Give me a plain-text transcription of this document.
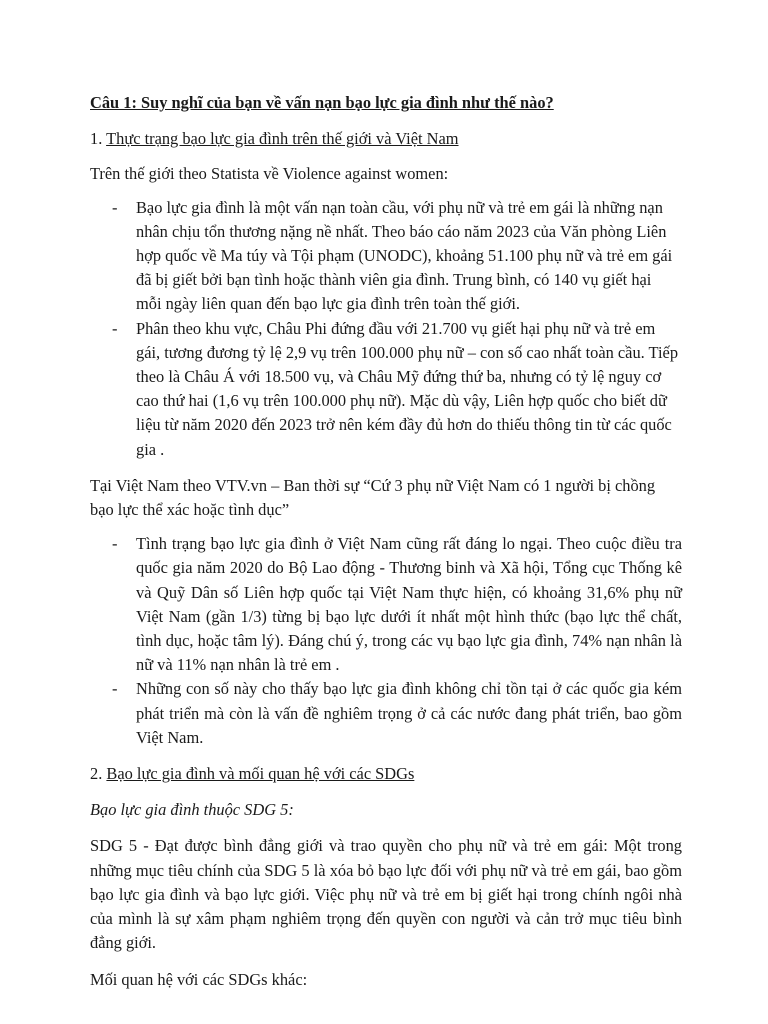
Câu 1: Suy nghĩ của bạn về vấn nạn bạo lực gia đình như thế nào?

1. Thực trạng bạo lực gia đình trên thế giới và Việt Nam

Trên thế giới theo Statista về Violence against women:

- Bạo lực gia đình là một vấn nạn toàn cầu, với phụ nữ và trẻ em gái là những nạn nhân chịu tổn thương nặng nề nhất. Theo báo cáo năm 2023 của Văn phòng Liên hợp quốc về Ma túy và Tội phạm (UNODC), khoảng 51.100 phụ nữ và trẻ em gái đã bị giết bởi bạn tình hoặc thành viên gia đình. Trung bình, có 140 vụ giết hại mỗi ngày liên quan đến bạo lực gia đình trên toàn thế giới.

- Phân theo khu vực, Châu Phi đứng đầu với 21.700 vụ giết hại phụ nữ và trẻ em gái, tương đương tỷ lệ 2,9 vụ trên 100.000 phụ nữ – con số cao nhất toàn cầu. Tiếp theo là Châu Á với 18.500 vụ, và Châu Mỹ đứng thứ ba, nhưng có tỷ lệ nguy cơ cao thứ hai (1,6 vụ trên 100.000 phụ nữ). Mặc dù vậy, Liên hợp quốc cho biết dữ liệu từ năm 2020 đến 2023 trở nên kém đầy đủ hơn do thiếu thông tin từ các quốc gia .

Tại Việt Nam theo VTV.vn – Ban thời sự “Cứ 3 phụ nữ Việt Nam có 1 người bị chồng bạo lực thể xác hoặc tình dục”

- Tình trạng bạo lực gia đình ở Việt Nam cũng rất đáng lo ngại. Theo cuộc điều tra quốc gia năm 2020 do Bộ Lao động - Thương binh và Xã hội, Tổng cục Thống kê và Quỹ Dân số Liên hợp quốc tại Việt Nam thực hiện, có khoảng 31,6% phụ nữ Việt Nam (gần 1/3) từng bị bạo lực dưới ít nhất một hình thức (bạo lực thể chất, tình dục, hoặc tâm lý). Đáng chú ý, trong các vụ bạo lực gia đình, 74% nạn nhân là nữ và 11% nạn nhân là trẻ em .

- Những con số này cho thấy bạo lực gia đình không chỉ tồn tại ở các quốc gia kém phát triển mà còn là vấn đề nghiêm trọng ở cả các nước đang phát triển, bao gồm Việt Nam.

2. Bạo lực gia đình và mối quan hệ với các SDGs

Bạo lực gia đình thuộc SDG 5:

SDG 5 - Đạt được bình đẳng giới và trao quyền cho phụ nữ và trẻ em gái: Một trong những mục tiêu chính của SDG 5 là xóa bỏ bạo lực đối với phụ nữ và trẻ em gái, bao gồm bạo lực gia đình và bạo lực giới. Việc phụ nữ và trẻ em bị giết hại trong chính ngôi nhà của mình là sự xâm phạm nghiêm trọng đến quyền con người và cản trở mục tiêu bình đẳng giới.

Mối quan hệ với các SDGs khác:
